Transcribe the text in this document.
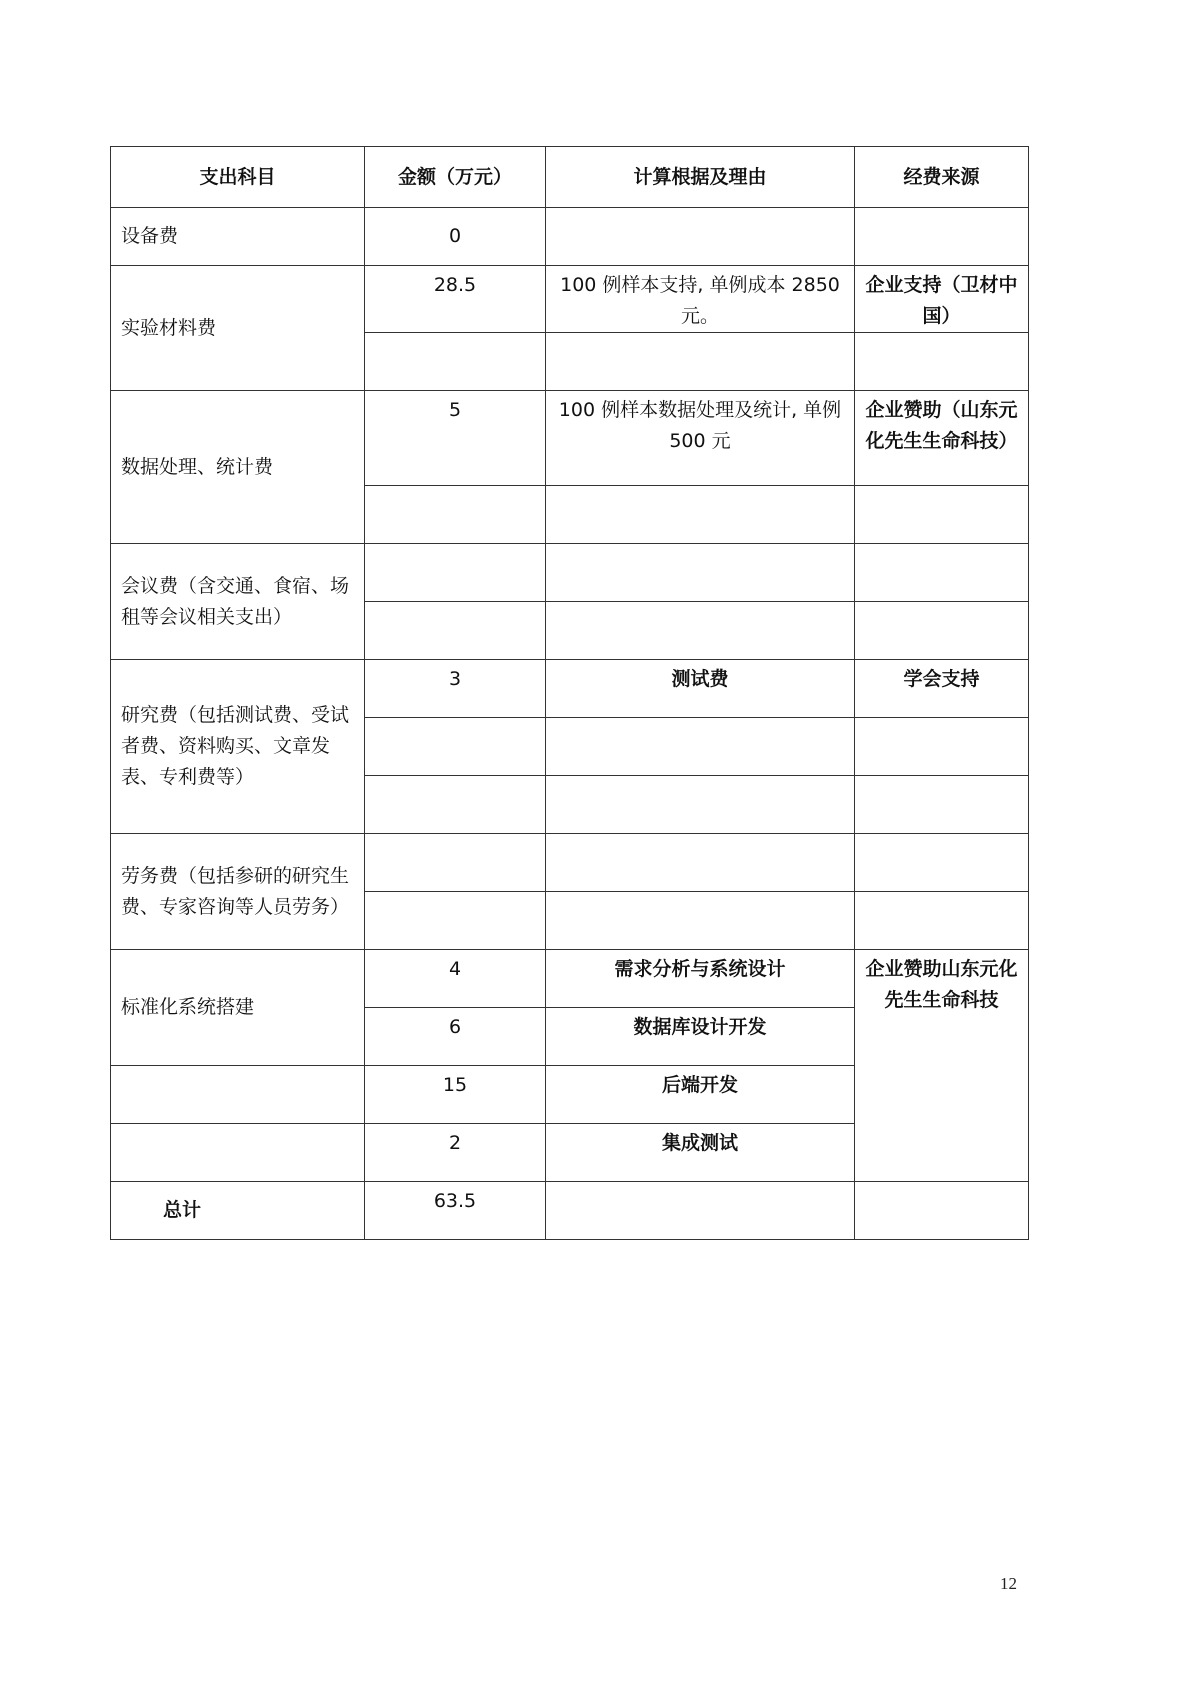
支出科目	金额（万元）	计算根据及理由	经费来源
设备费	0		
实验材料费	28.5	100 例样本支持, 单例成本 2850 元。	企业支持（卫材中国）

数据处理、统计费	5	100 例样本数据处理及统计, 单例 500 元	企业赞助（山东元化先生生命科技）

会议费（含交通、食宿、场租等会议相关支出）			

研究费（包括测试费、受试者费、资料购买、文章发表、专利费等）	3	测试费	学会支持

劳务费（包括参研的研究生费、专家咨询等人员劳务）			

标准化系统搭建	4	需求分析与系统设计	企业赞助山东元化先生生命科技
	6	数据库设计开发	
	15	后端开发	
	2	集成测试	
总计	63.5		
12
